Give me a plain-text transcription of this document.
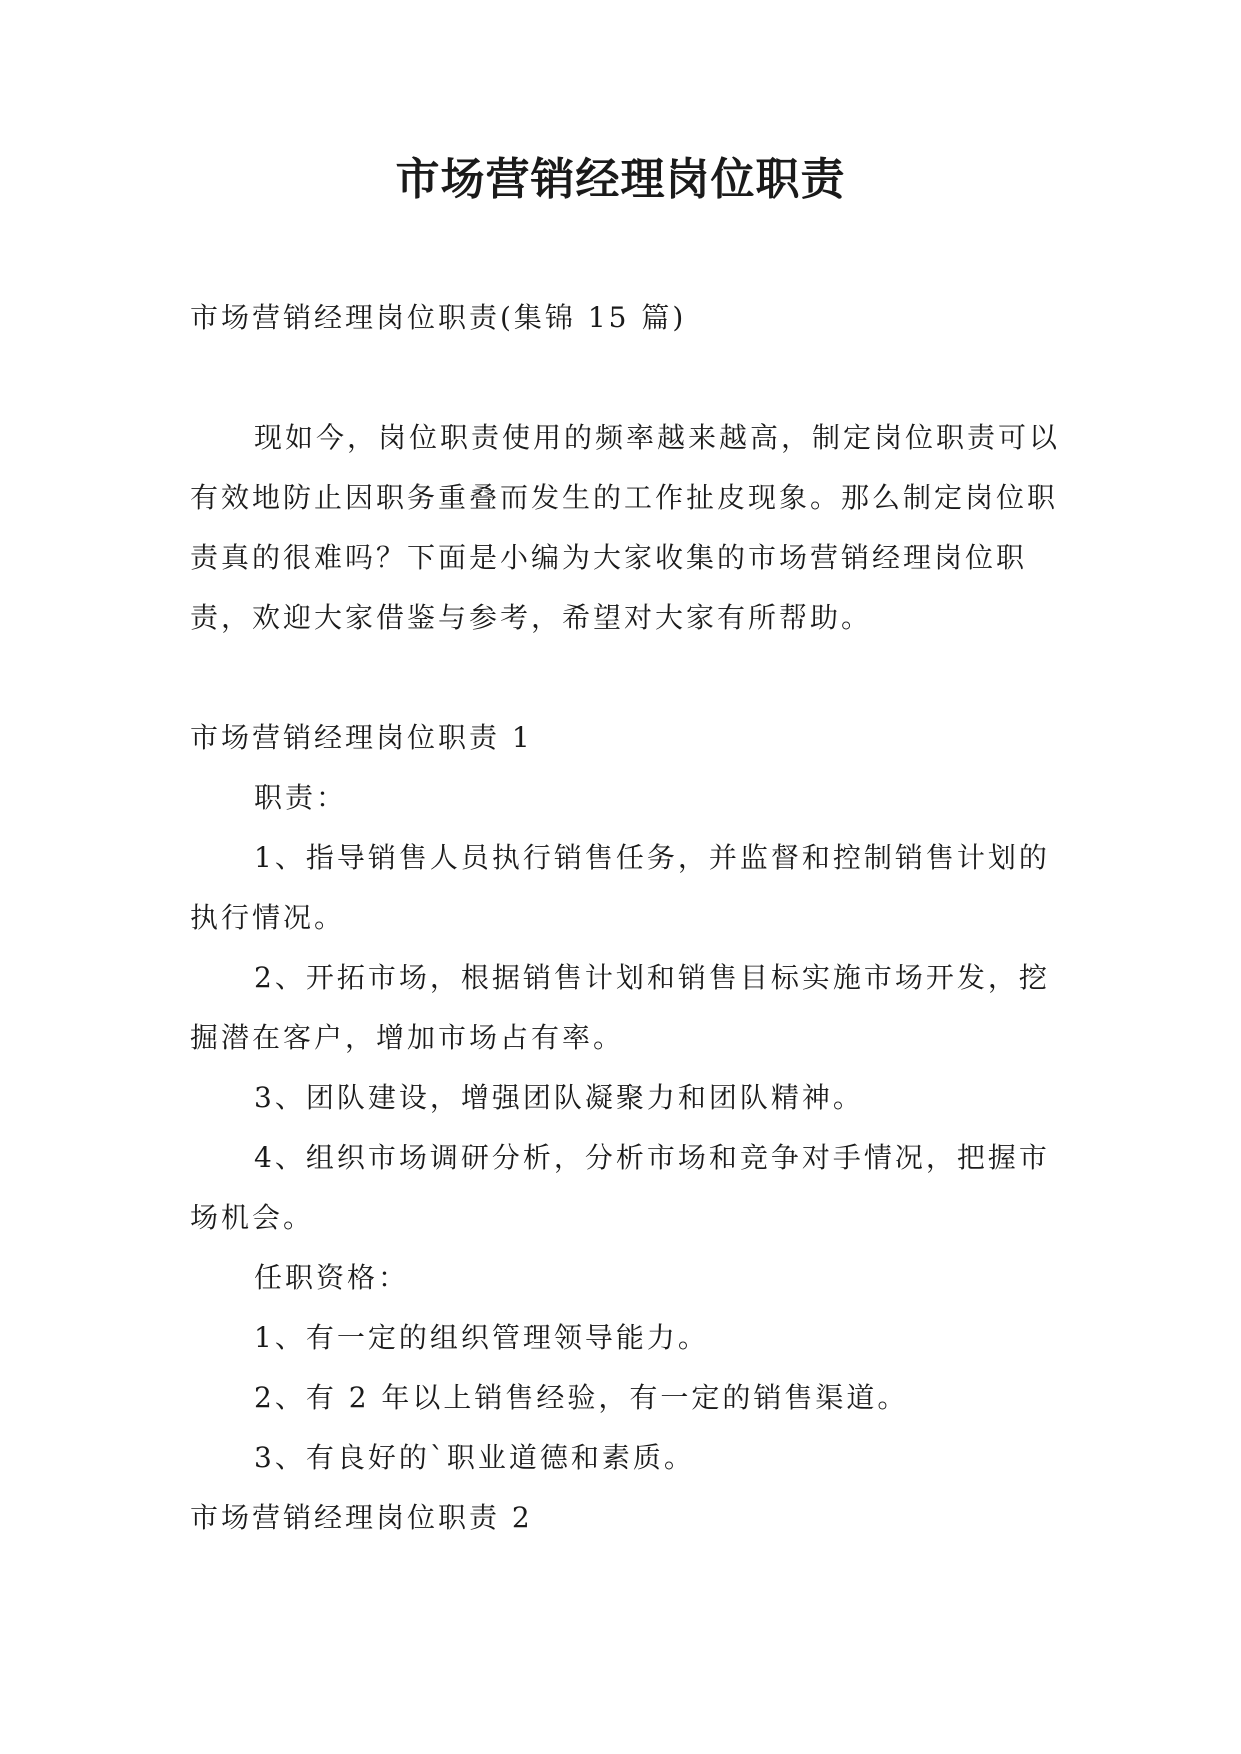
市场营销经理岗位职责

市场营销经理岗位职责(集锦 15 篇)

现如今，岗位职责使用的频率越来越高，制定岗位职责可以有效地防止因职务重叠而发生的工作扯皮现象。那么制定岗位职责真的很难吗？下面是小编为大家收集的市场营销经理岗位职责，欢迎大家借鉴与参考，希望对大家有所帮助。

市场营销经理岗位职责 1

职责：

1、指导销售人员执行销售任务，并监督和控制销售计划的执行情况。

2、开拓市场，根据销售计划和销售目标实施市场开发，挖掘潜在客户，增加市场占有率。

3、团队建设，增强团队凝聚力和团队精神。

4、组织市场调研分析，分析市场和竞争对手情况，把握市场机会。

任职资格：

1、有一定的组织管理领导能力。

2、有 2 年以上销售经验，有一定的销售渠道。

3、有良好的`职业道德和素质。

市场营销经理岗位职责 2
